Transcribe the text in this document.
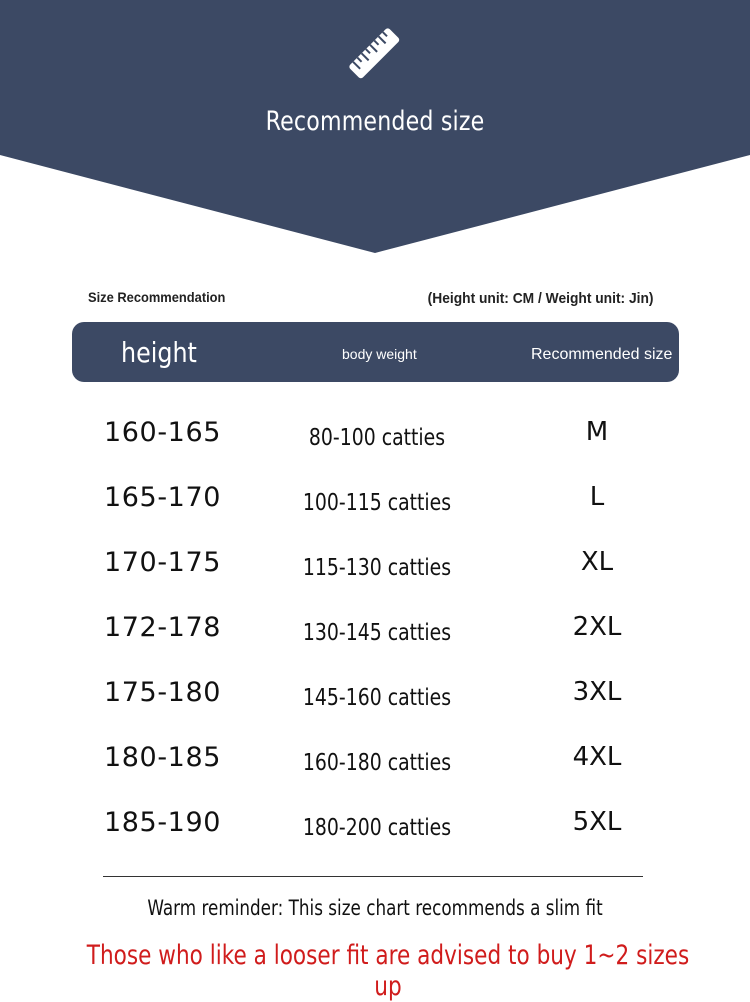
Recommended size
Size Recommendation	(Height unit: CM / Weight unit: Jin)
height	body weight	Recommended size
160-165	80-100 catties	M
165-170	100-115 catties	L
170-175	115-130 catties	XL
172-178	130-145 catties	2XL
175-180	145-160 catties	3XL
180-185	160-180 catties	4XL
185-190	180-200 catties	5XL
Warm reminder: This size chart recommends a slim fit
Those who like a looser fit are advised to buy 1~2 sizes up
